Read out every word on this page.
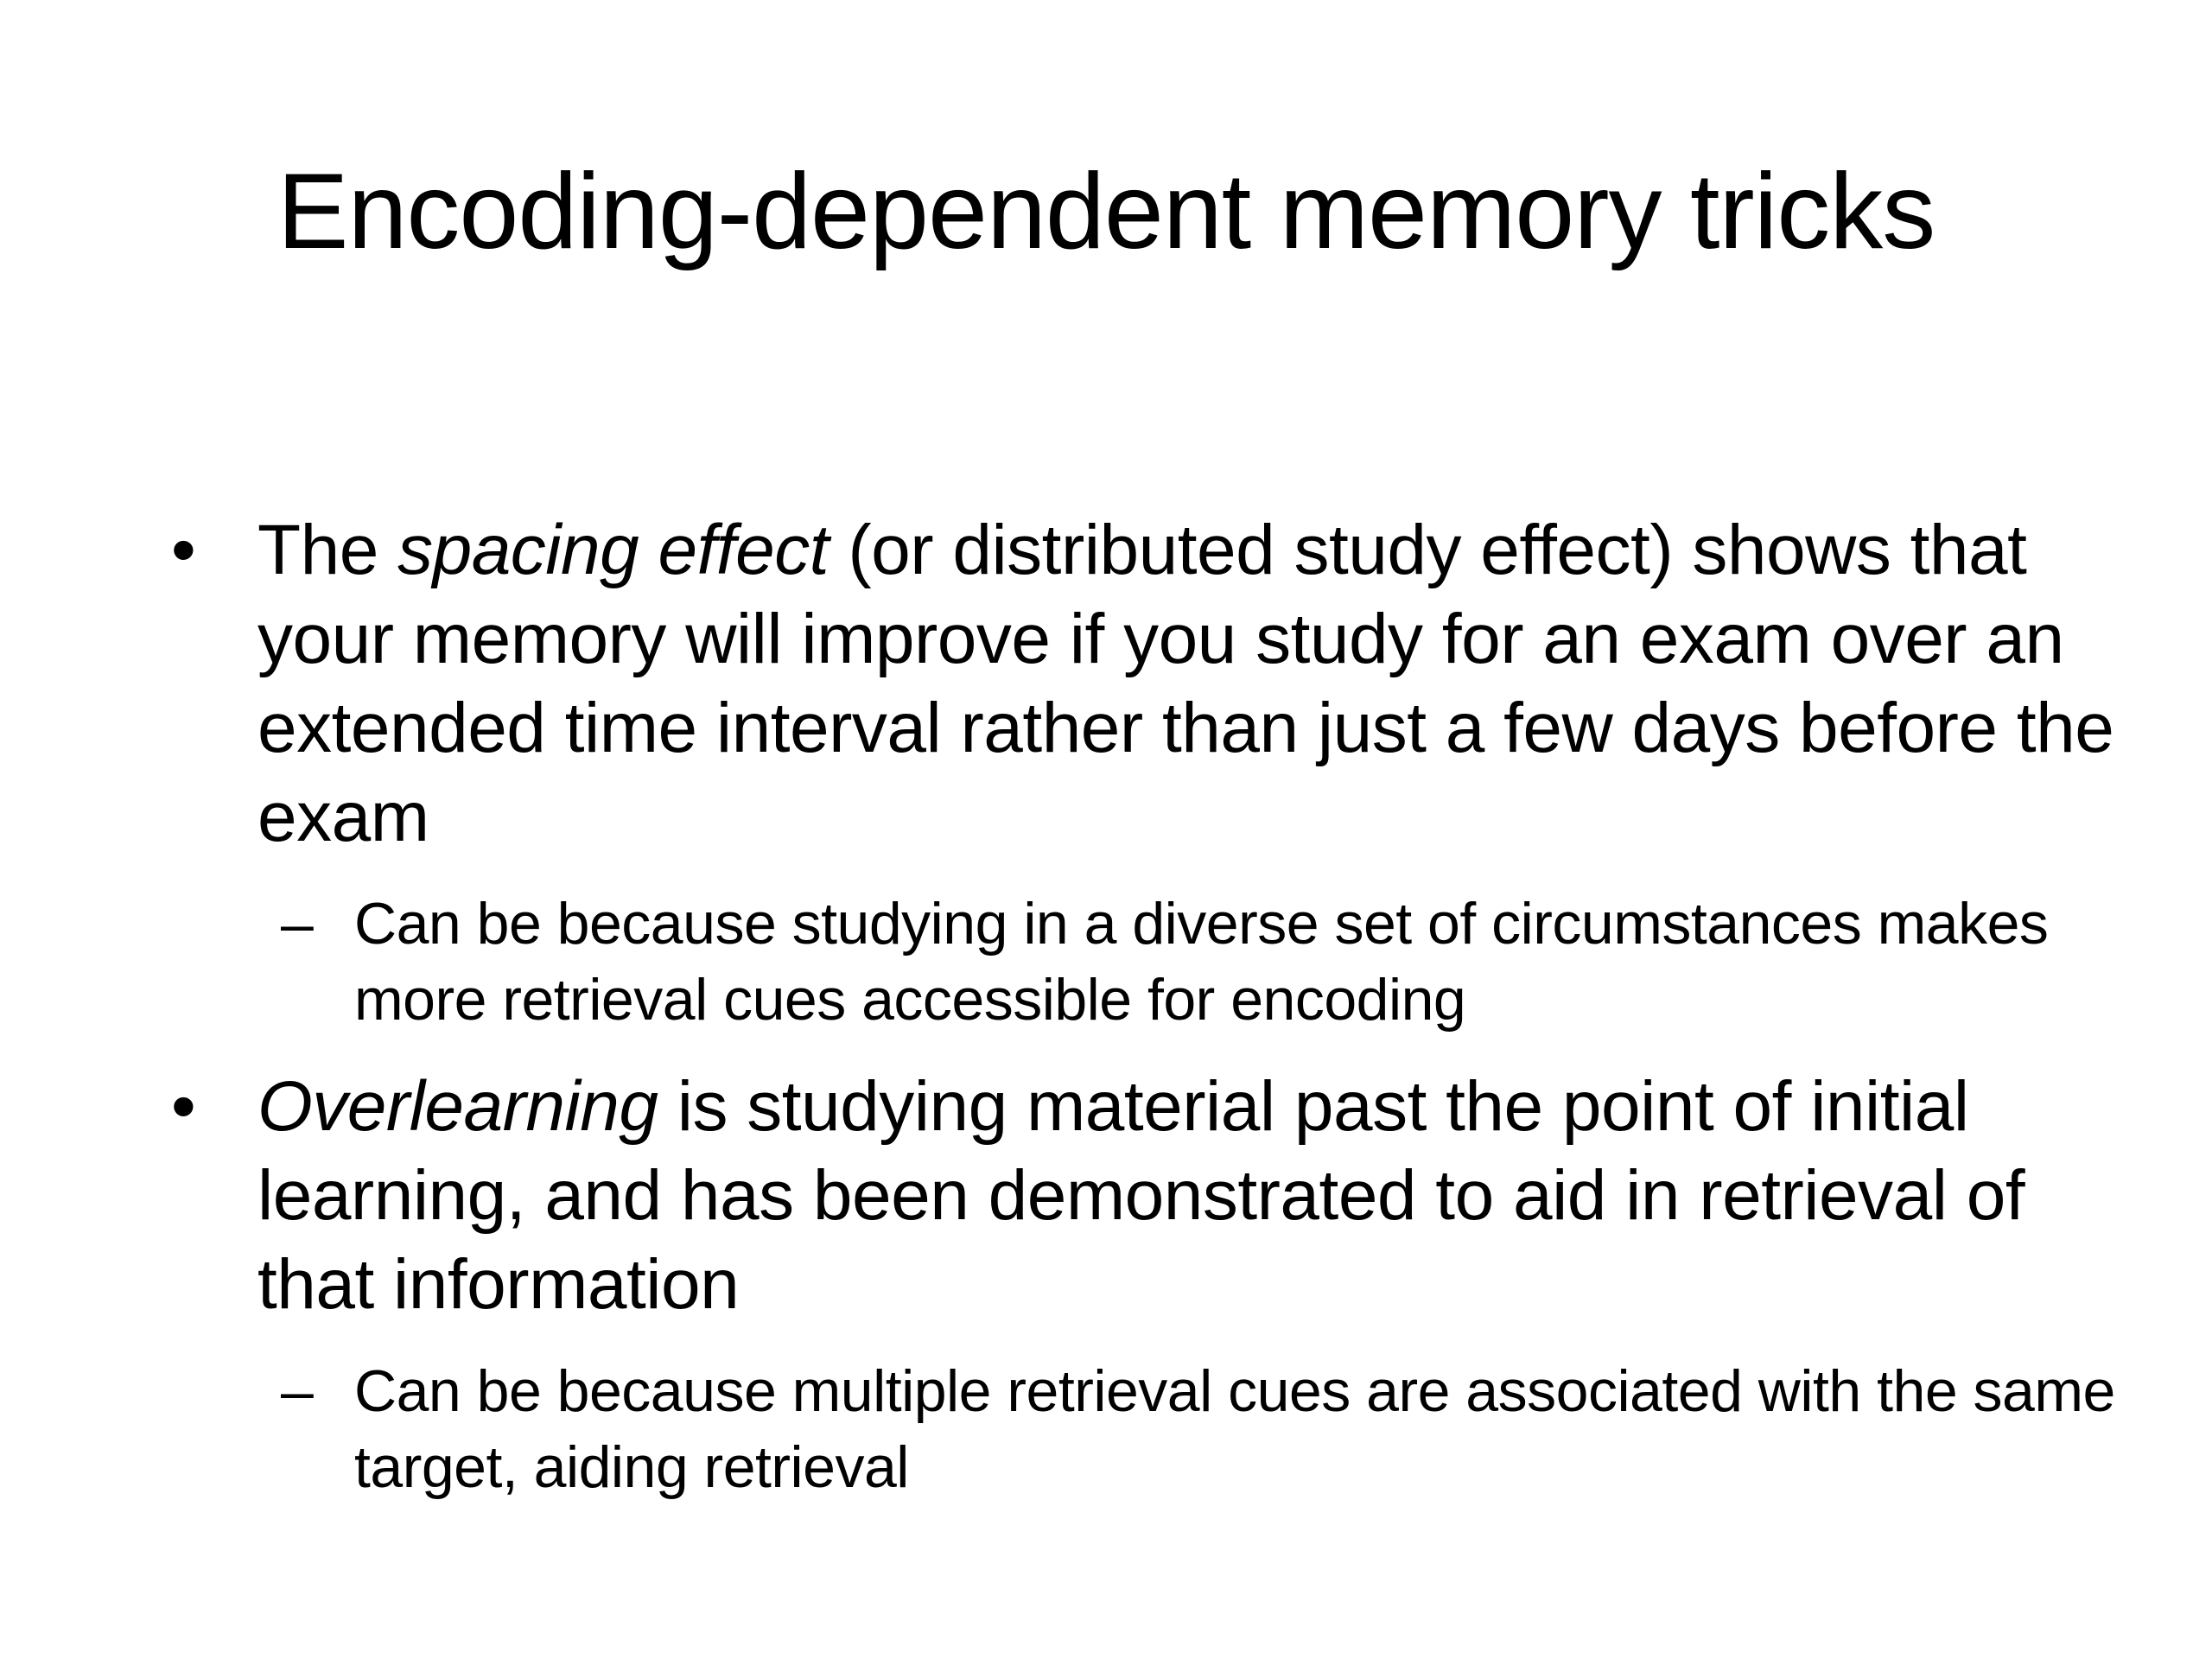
Encoding-dependent memory tricks
• The spacing effect (or distributed study effect) shows that your memory will improve if you study for an exam over an extended time interval rather than just a few days before the exam
– Can be because studying in a diverse set of circumstances makes more retrieval cues accessible for encoding
• Overlearning is studying material past the point of initial learning, and has been demonstrated to aid in retrieval of that information
– Can be because multiple retrieval cues are associated with the same target, aiding retrieval
